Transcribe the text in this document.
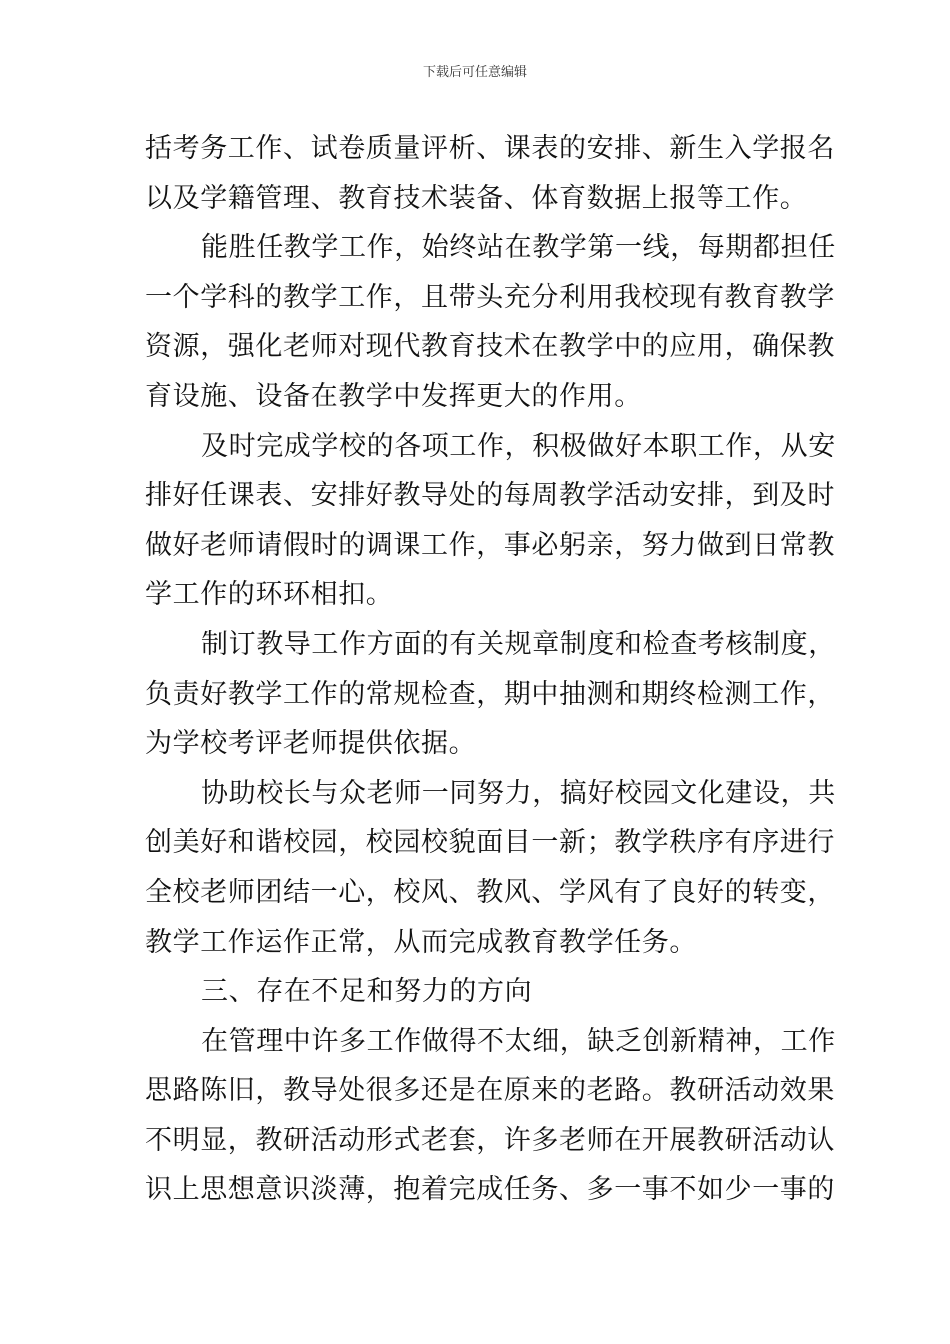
下载后可任意编辑
括考务工作、试卷质量评析、课表的安排、新生入学报名
以及学籍管理、教育技术装备、体育数据上报等工作。
能胜任教学工作，始终站在教学第一线，每期都担任
一个学科的教学工作，且带头充分利用我校现有教育教学
资源，强化老师对现代教育技术在教学中的应用，确保教
育设施、设备在教学中发挥更大的作用。
及时完成学校的各项工作，积极做好本职工作，从安
排好任课表、安排好教导处的每周教学活动安排，到及时
做好老师请假时的调课工作，事必躬亲，努力做到日常教
学工作的环环相扣。
制订教导工作方面的有关规章制度和检查考核制度，
负责好教学工作的常规检查，期中抽测和期终检测工作，
为学校考评老师提供依据。
协助校长与众老师一同努力，搞好校园文化建设，共
创美好和谐校园，校园校貌面目一新；教学秩序有序进行
全校老师团结一心，校风、教风、学风有了良好的转变，
教学工作运作正常，从而完成教育教学任务。
三、存在不足和努力的方向
在管理中许多工作做得不太细，缺乏创新精神，工作
思路陈旧，教导处很多还是在原来的老路。教研活动效果
不明显，教研活动形式老套，许多老师在开展教研活动认
识上思想意识淡薄，抱着完成任务、多一事不如少一事的
